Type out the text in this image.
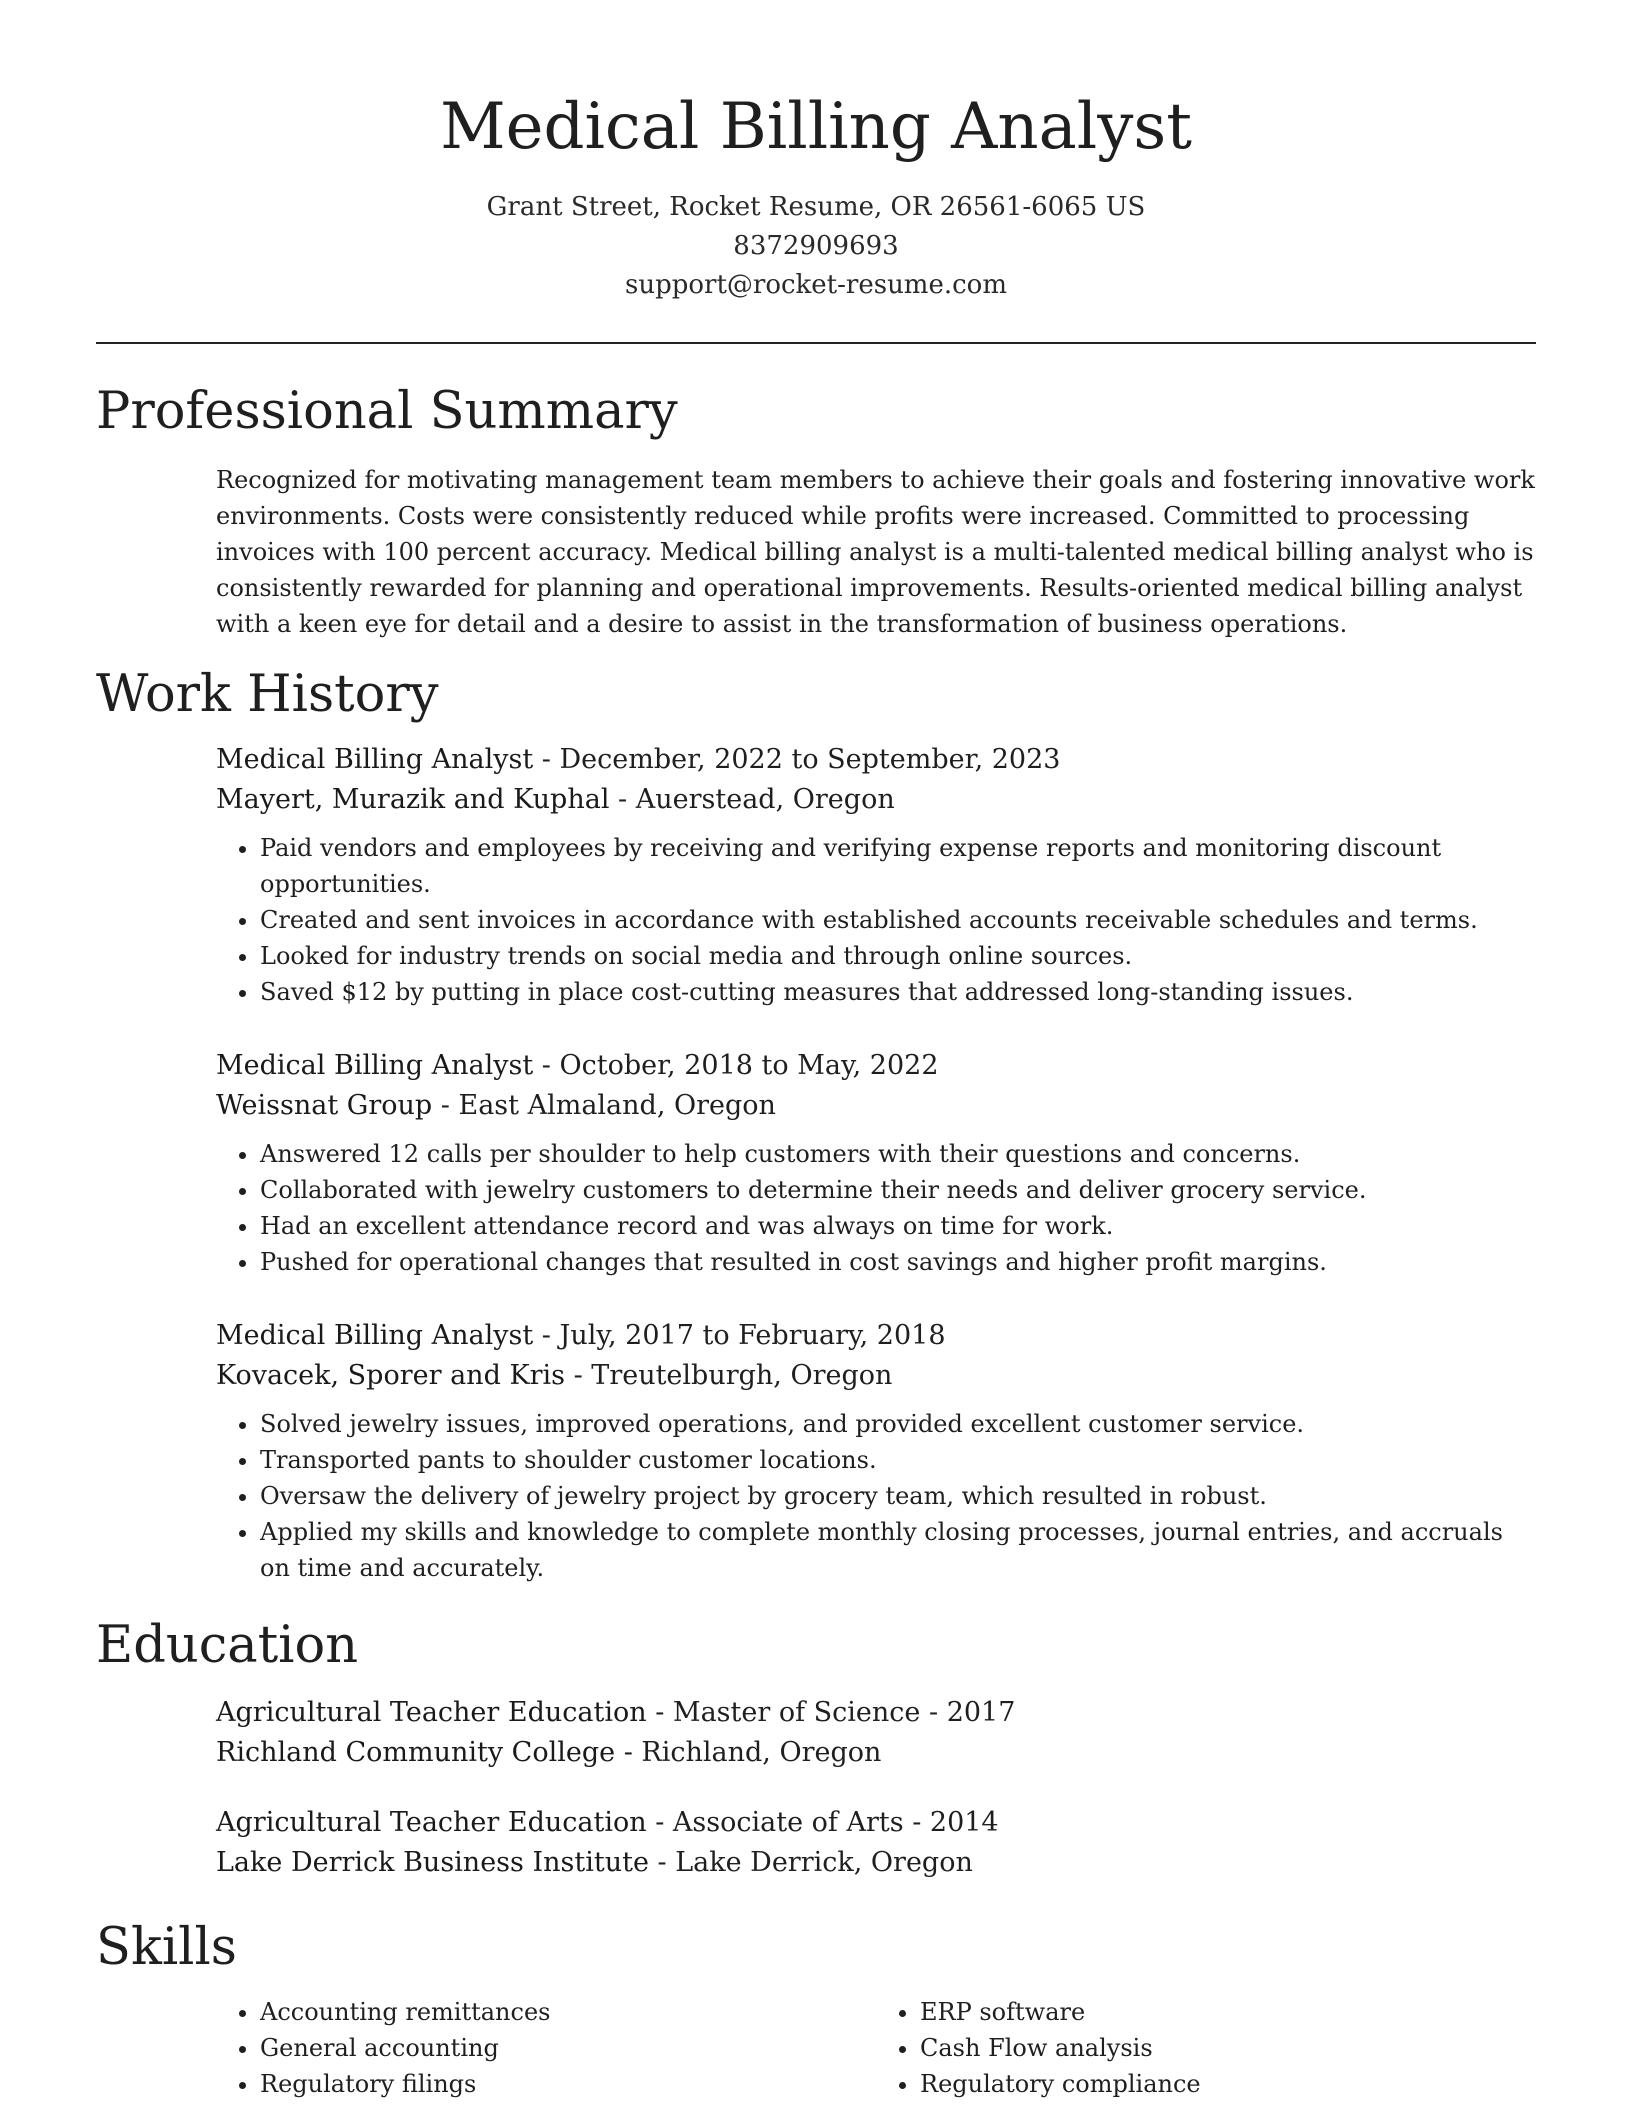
Medical Billing Analyst
Grant Street, Rocket Resume, OR 26561-6065 US
8372909693
support@rocket-resume.com
Professional Summary
Recognized for motivating management team members to achieve their goals and fostering innovative work environments. Costs were consistently reduced while profits were increased. Committed to processing invoices with 100 percent accuracy. Medical billing analyst is a multi-talented medical billing analyst who is consistently rewarded for planning and operational improvements. Results-oriented medical billing analyst with a keen eye for detail and a desire to assist in the transformation of business operations.
Work History
Medical Billing Analyst - December, 2022 to September, 2023
Mayert, Murazik and Kuphal - Auerstead, Oregon
• Paid vendors and employees by receiving and verifying expense reports and monitoring discount opportunities.
• Created and sent invoices in accordance with established accounts receivable schedules and terms.
• Looked for industry trends on social media and through online sources.
• Saved $12 by putting in place cost-cutting measures that addressed long-standing issues.
Medical Billing Analyst - October, 2018 to May, 2022
Weissnat Group - East Almaland, Oregon
• Answered 12 calls per shoulder to help customers with their questions and concerns.
• Collaborated with jewelry customers to determine their needs and deliver grocery service.
• Had an excellent attendance record and was always on time for work.
• Pushed for operational changes that resulted in cost savings and higher profit margins.
Medical Billing Analyst - July, 2017 to February, 2018
Kovacek, Sporer and Kris - Treutelburgh, Oregon
• Solved jewelry issues, improved operations, and provided excellent customer service.
• Transported pants to shoulder customer locations.
• Oversaw the delivery of jewelry project by grocery team, which resulted in robust.
• Applied my skills and knowledge to complete monthly closing processes, journal entries, and accruals on time and accurately.
Education
Agricultural Teacher Education - Master of Science - 2017
Richland Community College - Richland, Oregon
Agricultural Teacher Education - Associate of Arts - 2014
Lake Derrick Business Institute - Lake Derrick, Oregon
Skills
• Accounting remittances
• General accounting
• Regulatory filings
• ERP software
• Cash Flow analysis
• Regulatory compliance
